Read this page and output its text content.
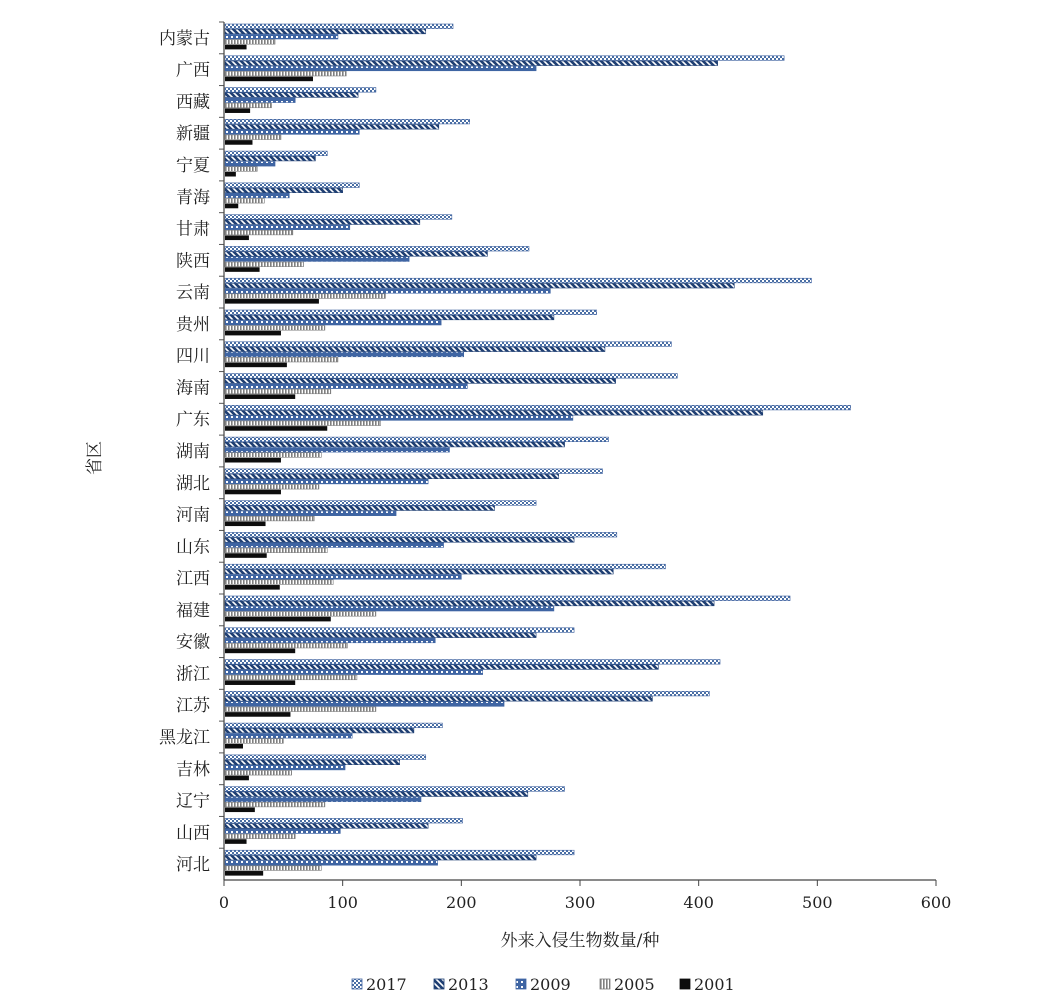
内蒙古
广西
西藏
新疆
宁夏
青海
甘肃
陕西
云南
贵州
四川
海南
广东
湖南
湖北
河南
山东
江西
福建
安徽
浙江
江苏
黑龙江
吉林
辽宁
山西
河北
0	100	200	300	400	500	600
外来入侵生物数量/种
省区
2017	2013	2009	2005 2001
